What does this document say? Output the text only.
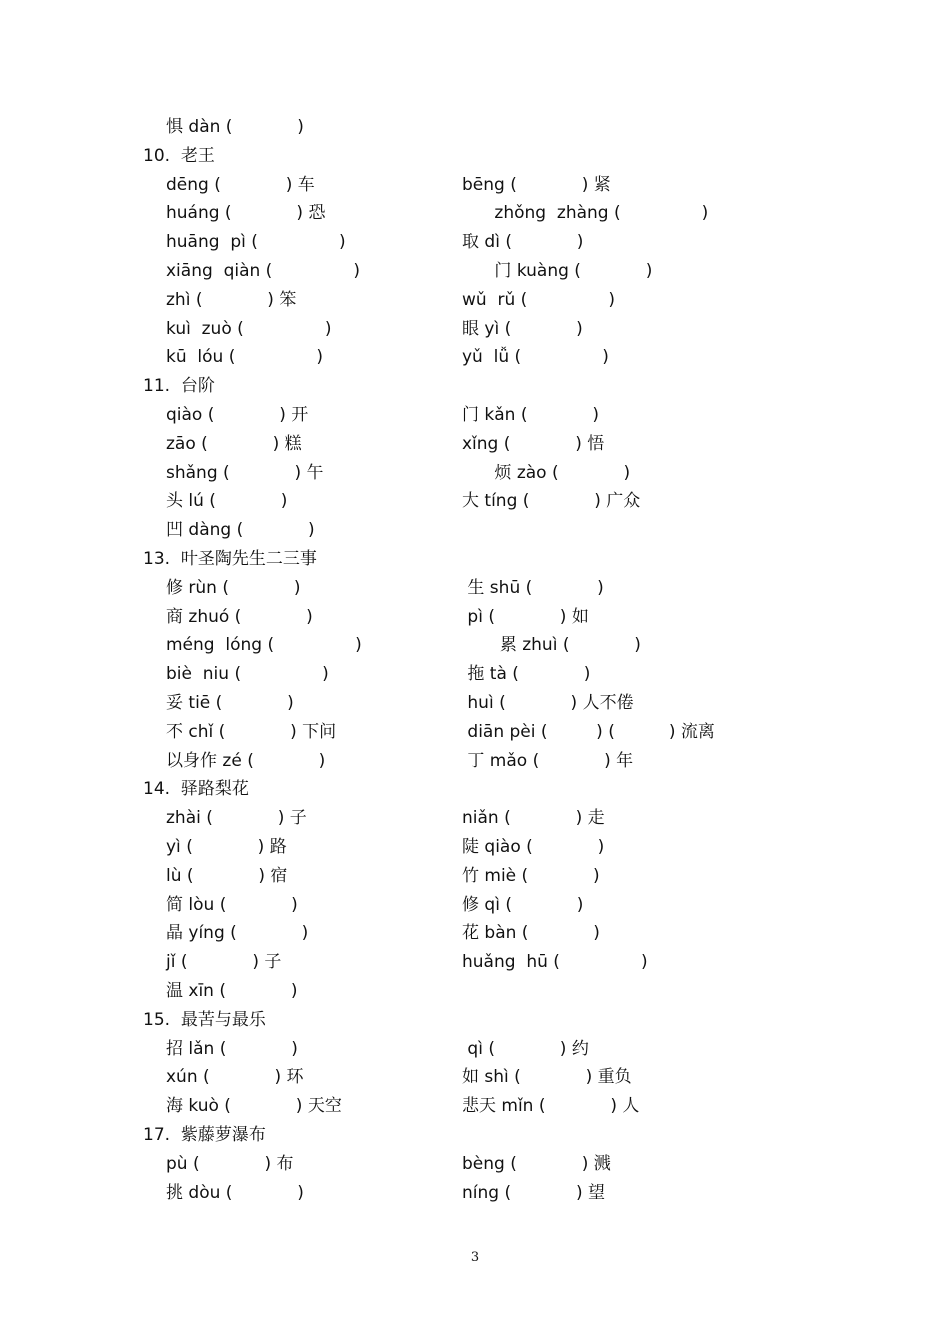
惧 dàn (            )
10.  老王
dēng (            ) 车	bēng (            ) 紧
huáng (            ) 恐	zhǒng  zhàng (               )
huāng  pì (               )	取 dì (            )
xiāng  qiàn (               )	门 kuàng (            )
zhì (            ) 笨	wǔ  rǔ (               )
kuì  zuò (               )	眼 yì (            )
kū  lóu (               )	yǔ  lǚ (               )
11.  台阶
qiào (            ) 开	门 kǎn (            )
zāo (            ) 糕	xǐng (            ) 悟
shǎng (            ) 午	烦 zào (            )
头 lú (            )	大 tíng (            ) 广众
凹 dàng (            )
13.  叶圣陶先生二三事
修 rùn (            )	生 shū (            )
商 zhuó (            )	pì (            ) 如
méng  lóng (               )	累 zhuì (            )
biè  niu (               )	拖 tà (            )
妥 tiē (            )	huì (            ) 人不倦
不 chǐ (            ) 下问	diān pèi (         ) (          ) 流离
以身作 zé (            )	丁 mǎo (            ) 年
14.  驿路梨花
zhài (            ) 子	niǎn (            ) 走
yì (            ) 路	陡 qiào (            )
lù (            ) 宿	竹 miè (            )
简 lòu (            )	修 qì (            )
晶 yíng (            )	花 bàn (            )
jǐ (            ) 子	huǎng  hū (               )
温 xīn (            )
15.  最苦与最乐
招 lǎn (            )	qì (            ) 约
xún (            ) 环	如 shì (            ) 重负
海 kuò (            ) 天空	悲天 mǐn (            ) 人
17.  紫藤萝瀑布
pù (            ) 布	bèng (            ) 溅
挑 dòu (            )	níng (            ) 望
3
